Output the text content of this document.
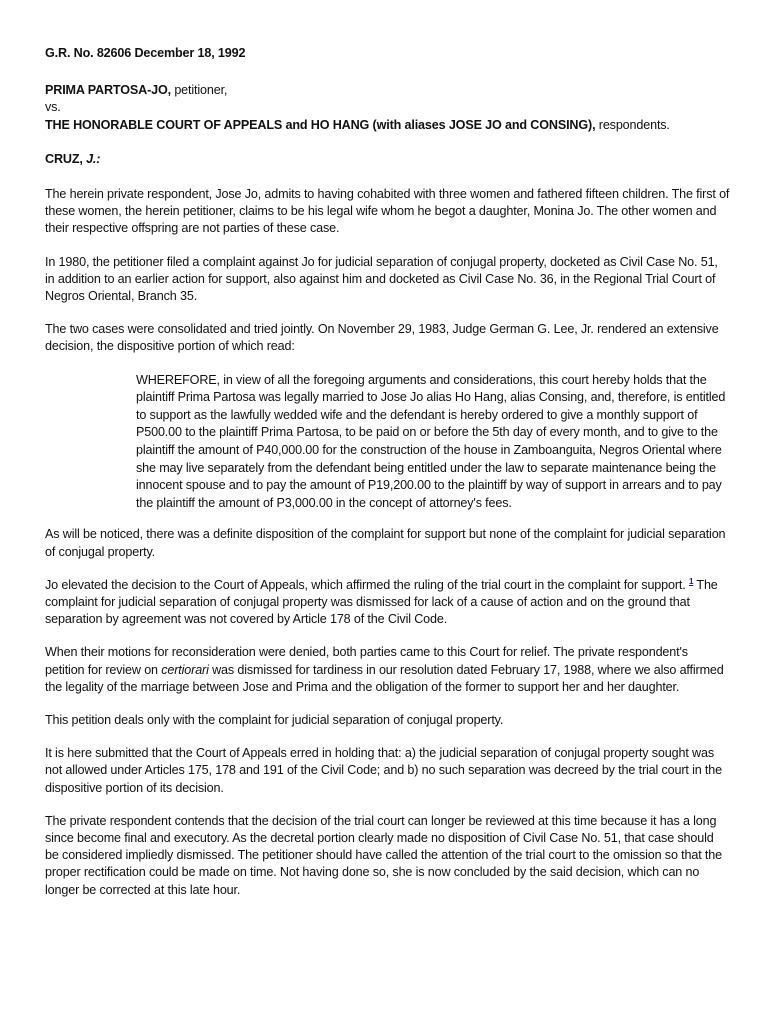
G.R. No. 82606 December 18, 1992

PRIMA PARTOSA-JO, petitioner,
vs.
THE HONORABLE COURT OF APPEALS and HO HANG (with aliases JOSE JO and CONSING), respondents.

CRUZ, J.:

The herein private respondent, Jose Jo, admits to having cohabited with three women and fathered fifteen children. The first of these women, the herein petitioner, claims to be his legal wife whom he begot a daughter, Monina Jo. The other women and their respective offspring are not parties of these case.

In 1980, the petitioner filed a complaint against Jo for judicial separation of conjugal property, docketed as Civil Case No. 51, in addition to an earlier action for support, also against him and docketed as Civil Case No. 36, in the Regional Trial Court of Negros Oriental, Branch 35.

The two cases were consolidated and tried jointly. On November 29, 1983, Judge German G. Lee, Jr. rendered an extensive decision, the dispositive portion of which read:

WHEREFORE, in view of all the foregoing arguments and considerations, this court hereby holds that the plaintiff Prima Partosa was legally married to Jose Jo alias Ho Hang, alias Consing, and, therefore, is entitled to support as the lawfully wedded wife and the defendant is hereby ordered to give a monthly support of P500.00 to the plaintiff Prima Partosa, to be paid on or before the 5th day of every month, and to give to the plaintiff the amount of P40,000.00 for the construction of the house in Zamboanguita, Negros Oriental where she may live separately from the defendant being entitled under the law to separate maintenance being the innocent spouse and to pay the amount of P19,200.00 to the plaintiff by way of support in arrears and to pay the plaintiff the amount of P3,000.00 in the concept of attorney's fees.

As will be noticed, there was a definite disposition of the complaint for support but none of the complaint for judicial separation of conjugal property.

Jo elevated the decision to the Court of Appeals, which affirmed the ruling of the trial court in the complaint for support. $^1$ The complaint for judicial separation of conjugal property was dismissed for lack of a cause of action and on the ground that separation by agreement was not covered by Article 178 of the Civil Code.

When their motions for reconsideration were denied, both parties came to this Court for relief. The private respondent's petition for review on certiorari was dismissed for tardiness in our resolution dated February 17, 1988, where we also affirmed the legality of the marriage between Jose and Prima and the obligation of the former to support her and her daughter.

This petition deals only with the complaint for judicial separation of conjugal property.

It is here submitted that the Court of Appeals erred in holding that: a) the judicial separation of conjugal property sought was not allowed under Articles 175, 178 and 191 of the Civil Code; and b) no such separation was decreed by the trial court in the dispositive portion of its decision.

The private respondent contends that the decision of the trial court can longer be reviewed at this time because it has a long since become final and executory. As the decretal portion clearly made no disposition of Civil Case No. 51, that case should be considered impliedly dismissed. The petitioner should have called the attention of the trial court to the omission so that the proper rectification could be made on time. Not having done so, she is now concluded by the said decision, which can no longer be corrected at this late hour.
